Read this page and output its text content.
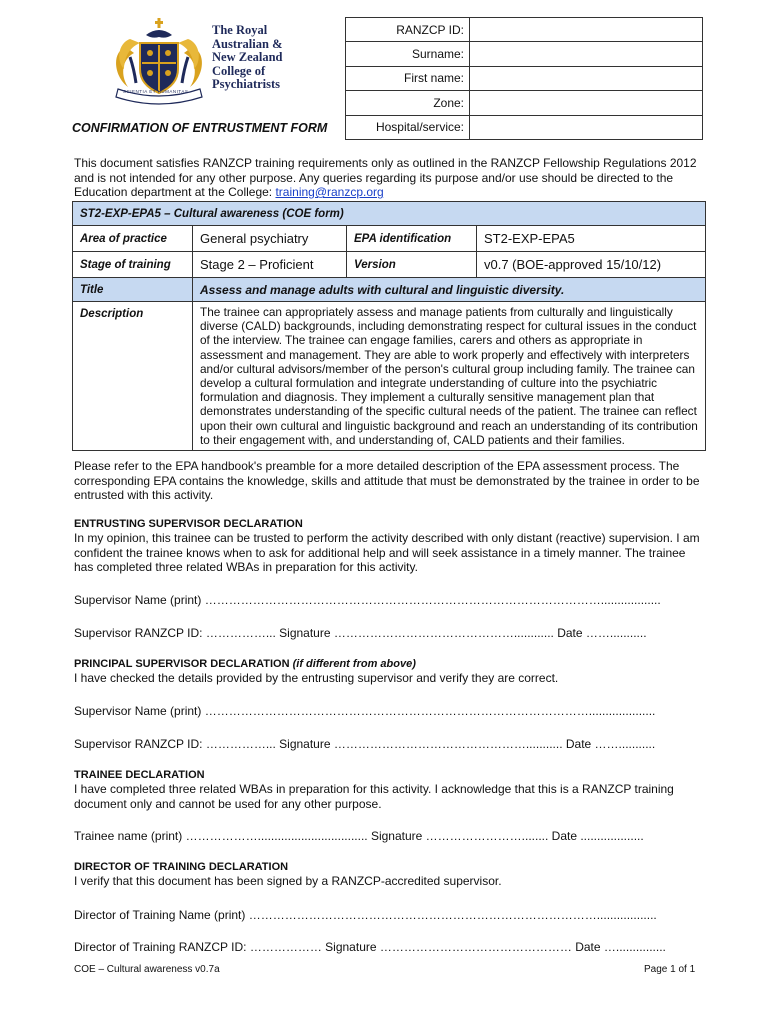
SCIENTIA ET HUMANITAS
The Royal
Australian &
New Zealand
College of
Psychiatrists
RANZCP ID:	
Surname:	
First name:	
Zone:	
Hospital/service:	
CONFIRMATION OF ENTRUSTMENT FORM
This document satisfies RANZCP training requirements only as outlined in the RANZCP Fellowship Regulations 2012 and is not intended for any other purpose. Any queries regarding its purpose and/or use should be directed to the Education department at the College: training@ranzcp.org
ST2-EXP-EPA5 – Cultural awareness (COE form)			
Area of practice	General psychiatry	EPA identification	ST2-EXP-EPA5
Stage of training	Stage 2 – Proficient	Version	v0.7 (BOE-approved 15/10/12)
Title	Assess and manage adults with cultural and linguistic diversity.		
Description	The trainee can appropriately assess and manage patients from culturally and linguistically diverse (CALD) backgrounds, including demonstrating respect for cultural issues in the conduct of the interview. The trainee can engage families, carers and others as appropriate in assessment and management. They are able to work properly and effectively with interpreters and/or cultural advisors/member of the person's cultural group including family. The trainee can develop a cultural formulation and integrate understanding of culture into the psychiatric formulation and diagnosis. They implement a culturally sensitive management plan that demonstrates understanding of the specific cultural needs of the patient. The trainee can reflect upon their own cultural and linguistic background and reach an understanding of its contribution to their engagement with, and understanding of, CALD patients and their families.		
Please refer to the EPA handbook's preamble for a more detailed description of the EPA assessment process. The corresponding EPA contains the knowledge, skills and attitude that must be demonstrated by the trainee in order to be entrusted with this activity.
ENTRUSTING SUPERVISOR DECLARATION
In my opinion, this trainee can be trusted to perform the activity described with only distant (reactive) supervision. I am confident the trainee knows when to ask for additional help and will seek assistance in a timely manner. The trainee has completed three related WBAs in preparation for this activity.
Supervisor Name (print) ………………………………………………………………………………………..................
Supervisor RANZCP ID: ……………... Signature ………………………………………............ Date ……...........
PRINCIPAL SUPERVISOR DECLARATION (if different from above)
I have checked the details provided by the entrusting supervisor and verify they are correct.
Supervisor Name (print) ……………………………………………………………………………………....................
Supervisor RANZCP ID: ……………... Signature …………………………………………........... Date ……...........
TRAINEE DECLARATION
I have completed three related WBAs in preparation for this activity. I acknowledge that this is a RANZCP training document only and cannot be used for any other purpose.
Trainee name (print) ………………................................. Signature ……………………........ Date ...................
DIRECTOR OF TRAINING DECLARATION
I verify that this document has been signed by a RANZCP-accredited supervisor.
Director of Training Name (print) ……………………………………………………………………………..................
Director of Training RANZCP ID: ……………… Signature ………………………………………… Date …...............
COE – Cultural awareness v0.7a	Page 1 of 1
